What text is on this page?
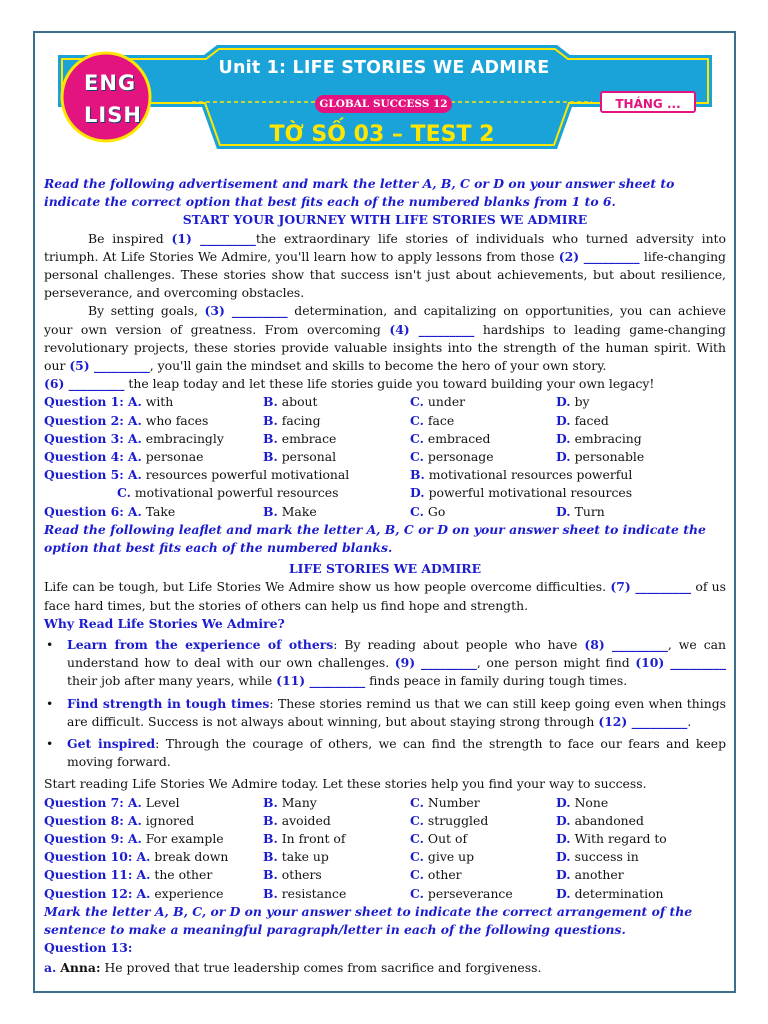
ENG
LISH
Unit 1: LIFE STORIES WE ADMIRE
GLOBAL SUCCESS 12	THÁNG ...
TỜ SỐ 03 – TEST 2
Read the following advertisement and mark the letter A, B, C or D on your answer sheet to indicate the correct option that best fits each of the numbered blanks from 1 to 6.
START YOUR JOURNEY WITH LIFE STORIES WE ADMIRE
Be inspired (1) _________the extraordinary life stories of individuals who turned adversity into triumph. At Life Stories We Admire, you'll learn how to apply lessons from those (2) _________ life-changing personal challenges. These stories show that success isn't just about achievements, but about resilience, perseverance, and overcoming obstacles.
By setting goals, (3) _________ determination, and capitalizing on opportunities, you can achieve your own version of greatness. From overcoming (4) _________ hardships to leading game-changing revolutionary projects, these stories provide valuable insights into the strength of the human spirit. With our (5) _________, you'll gain the mindset and skills to become the hero of your own story.
(6) _________ the leap today and let these life stories guide you toward building your own legacy!
Question 1: A. with	B. about	C. under	D. by
Question 2: A. who faces	B. facing	C. face	D. faced
Question 3: A. embracingly	B. embrace	C. embraced	D. embracing
Question 4: A. personae	B. personal	C. personage	D. personable
Question 5: A. resources powerful motivational	B. motivational resources powerful
C. motivational powerful resources	D. powerful motivational resources
Question 6: A. Take	B. Make	C. Go	D. Turn
Read the following leaflet and mark the letter A, B, C or D on your answer sheet to indicate the option that best fits each of the numbered blanks.
LIFE STORIES WE ADMIRE
Life can be tough, but Life Stories We Admire show us how people overcome difficulties. (7) _________ of us face hard times, but the stories of others can help us find hope and strength.
Why Read Life Stories We Admire?
• Learn from the experience of others: By reading about people who have (8) _________, we can understand how to deal with our own challenges. (9) _________, one person might find (10) _________ their job after many years, while (11) _________ finds peace in family during tough times.
• Find strength in tough times: These stories remind us that we can still keep going even when things are difficult. Success is not always about winning, but about staying strong through (12) _________.
• Get inspired: Through the courage of others, we can find the strength to face our fears and keep moving forward.
Start reading Life Stories We Admire today. Let these stories help you find your way to success.
Question 7: A. Level	B. Many	C. Number	D. None
Question 8: A. ignored	B. avoided	C. struggled	D. abandoned
Question 9: A. For example	B. In front of	C. Out of	D. With regard to
Question 10: A. break down	B. take up	C. give up	D. success in
Question 11: A. the other	B. others	C. other	D. another
Question 12: A. experience	B. resistance	C. perseverance	D. determination
Mark the letter A, B, C, or D on your answer sheet to indicate the correct arrangement of the sentence to make a meaningful paragraph/letter in each of the following questions.
Question 13:
a. Anna: He proved that true leadership comes from sacrifice and forgiveness.
